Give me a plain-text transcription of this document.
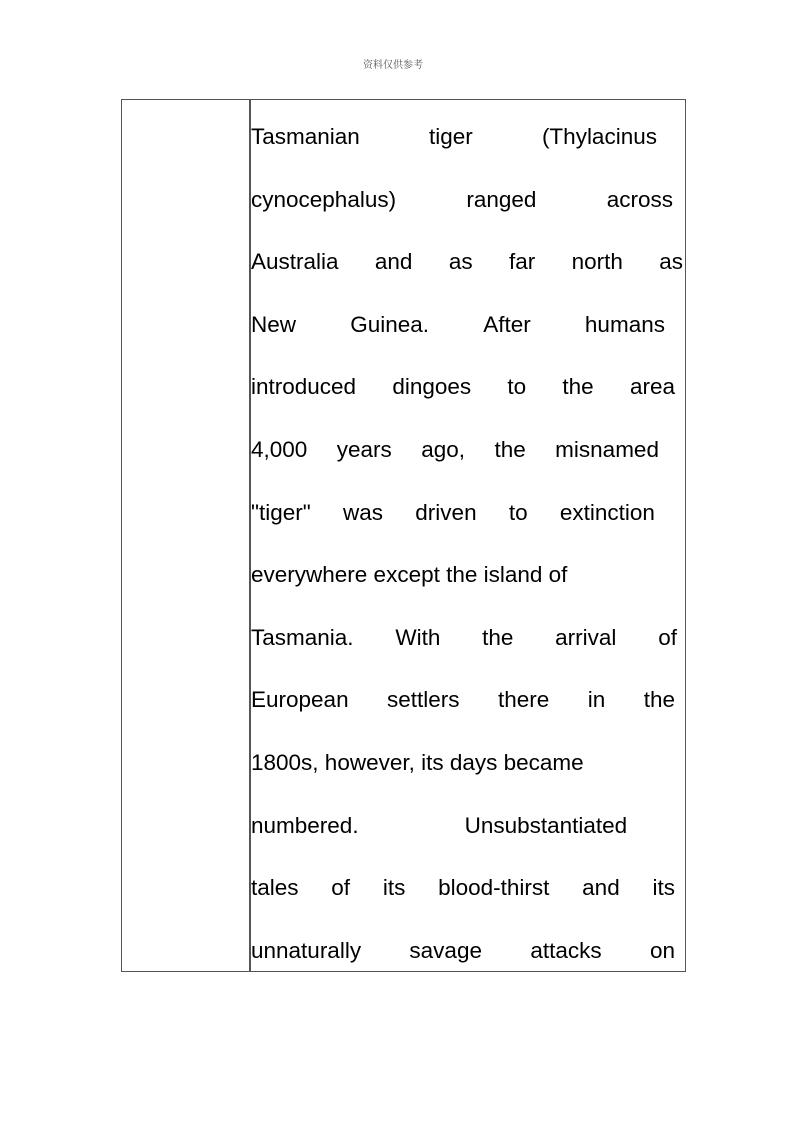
资料仅供参考
Tasmanian	tiger	(Thylacinus
cynocephalus)	ranged	across
Australia and as far north as
New Guinea. After humans
introduced dingoes to the area
4,000 years ago, the misnamed
"tiger" was driven to extinction
everywhere except the island of
Tasmania. With the arrival of
European settlers there in the
1800s, however, its days became
numbered.	Unsubstantiated
tales of its blood-thirst and its
unnaturally savage attacks on
